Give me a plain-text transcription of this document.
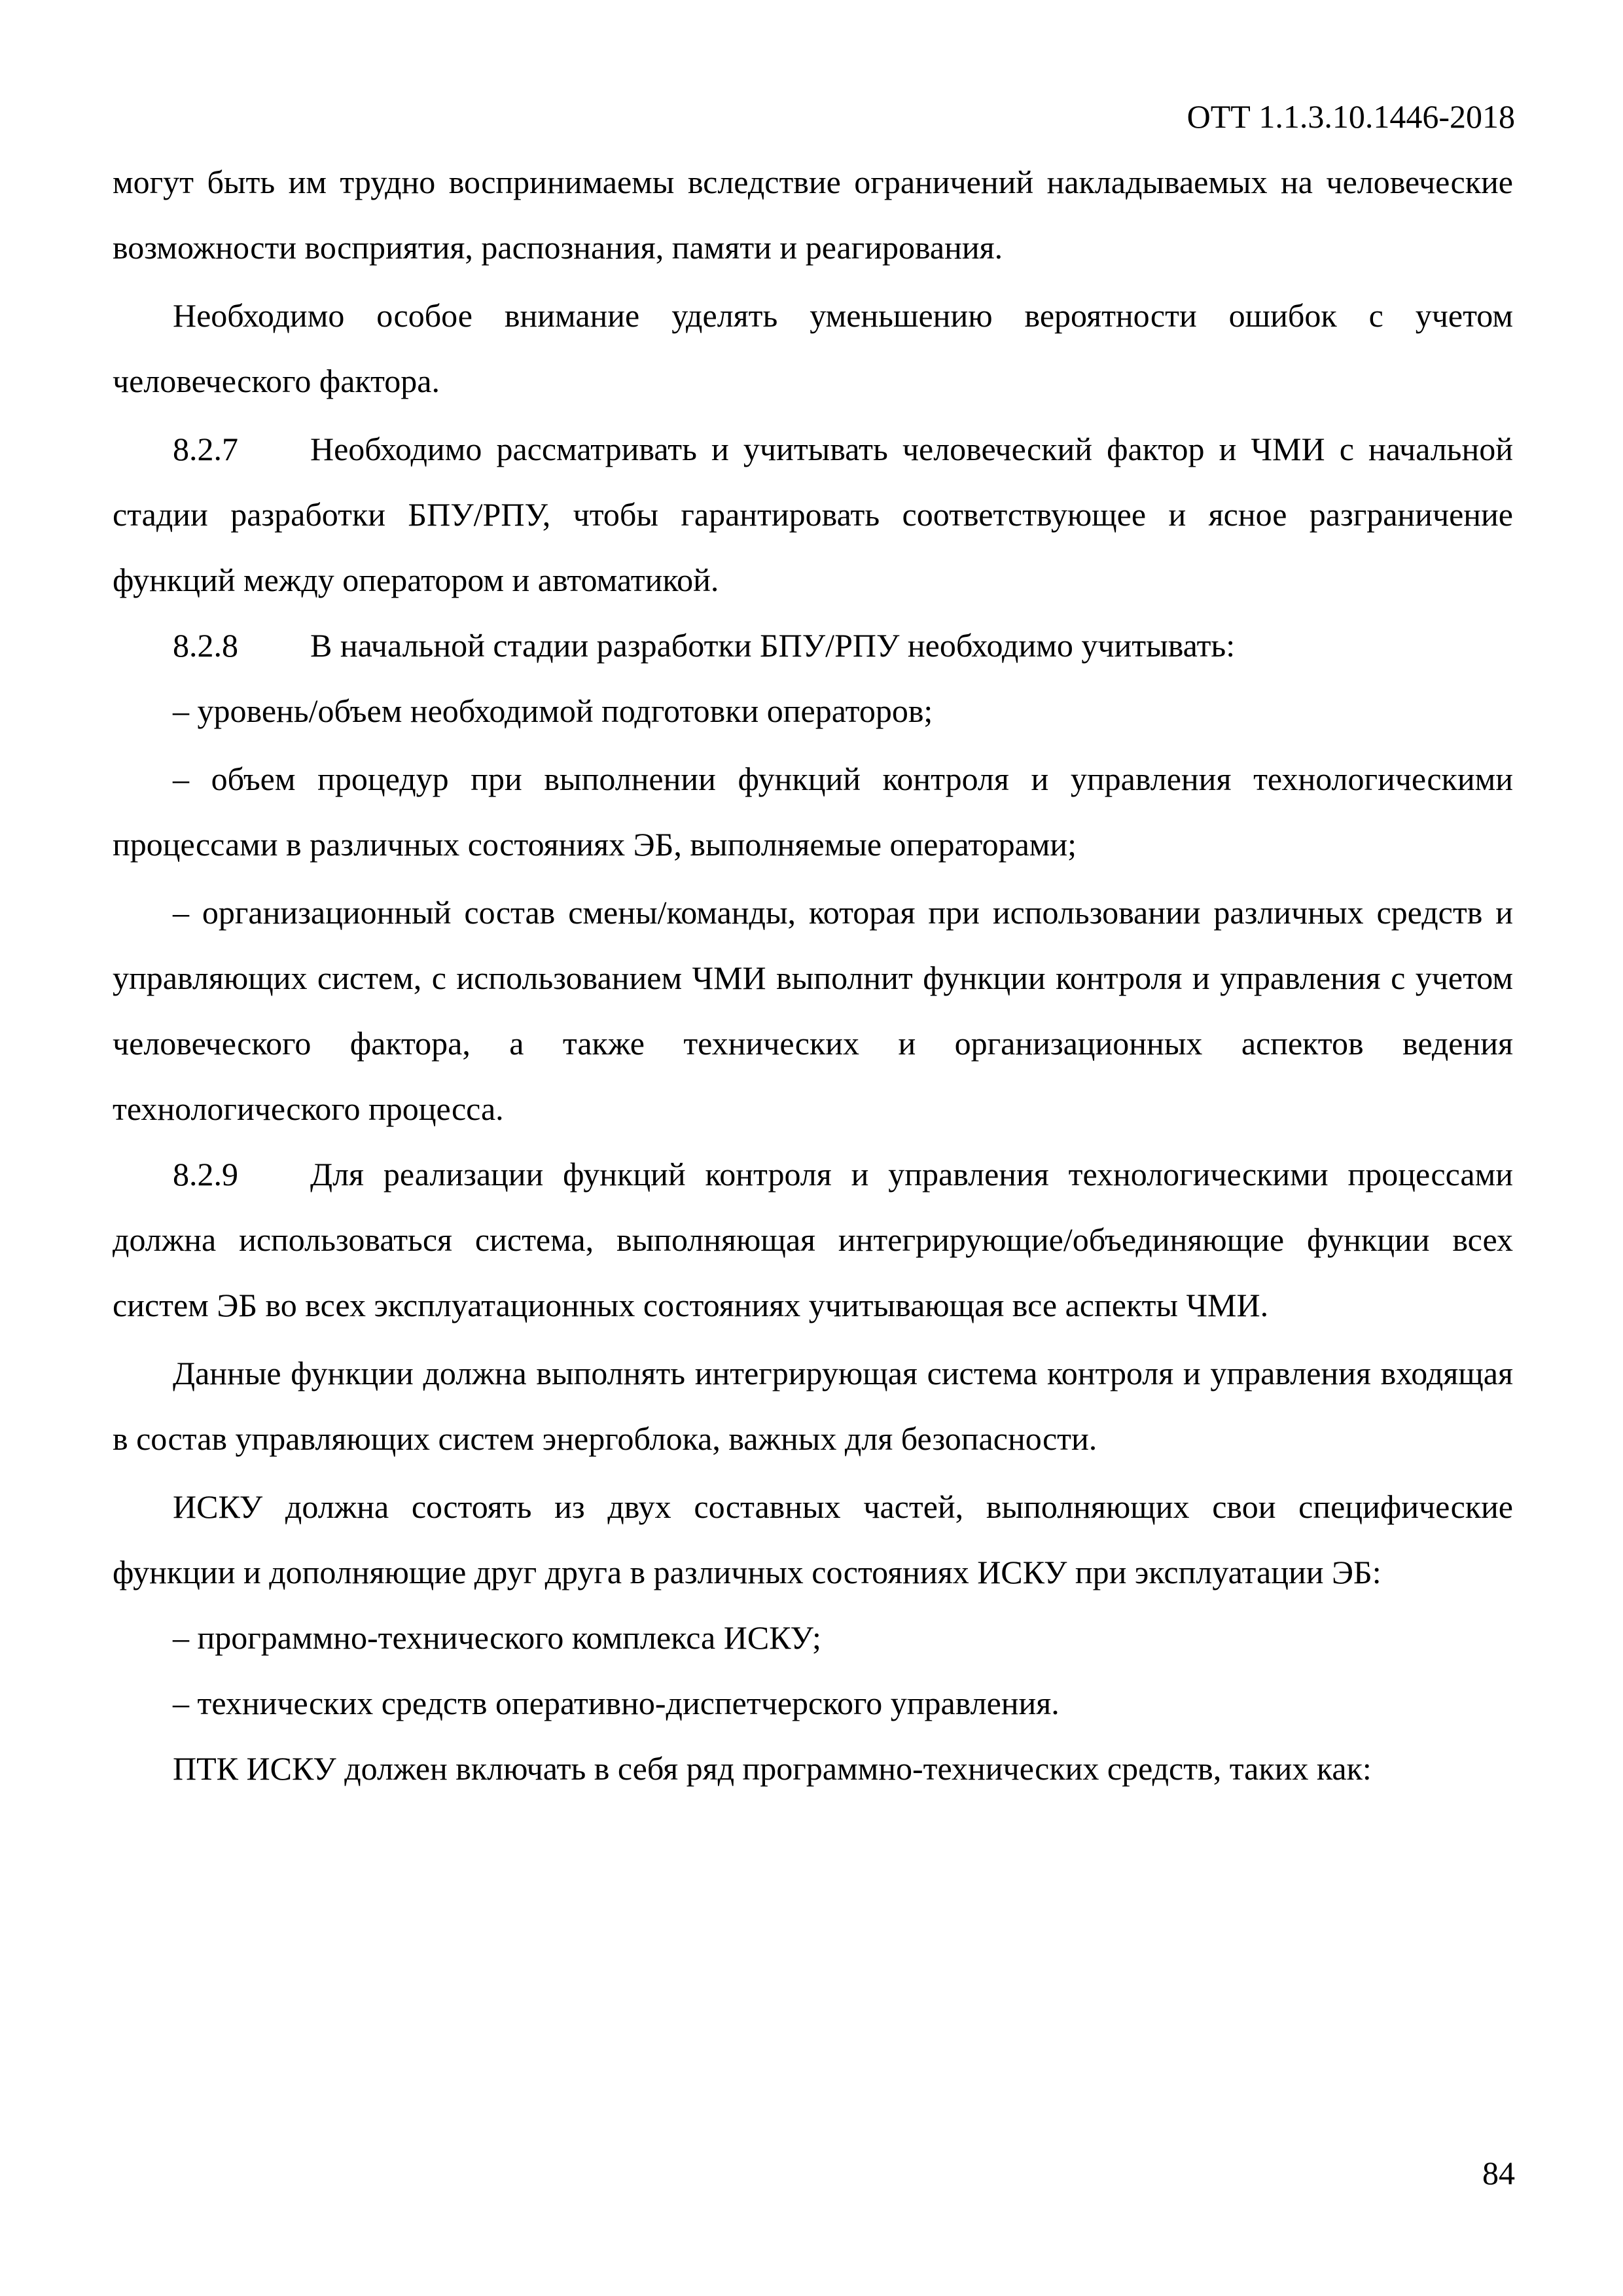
ОТТ 1.1.3.10.1446-2018

могут быть им трудно воспринимаемы вследствие ограничений накладываемых на человеческие возможности восприятия, распознания, памяти и реагирования.

Необходимо особое внимание уделять уменьшению вероятности ошибок с учетом человеческого фактора.

8.2.7 Необходимо рассматривать и учитывать человеческий фактор и ЧМИ с начальной стадии разработки БПУ/РПУ, чтобы гарантировать соответствующее и ясное разграничение функций между оператором и автоматикой.

8.2.8 В начальной стадии разработки БПУ/РПУ необходимо учитывать:

– уровень/объем необходимой подготовки операторов;

– объем процедур при выполнении функций контроля и управления технологическими процессами в различных состояниях ЭБ, выполняемые операторами;

– организационный состав смены/команды, которая при использовании различных средств и управляющих систем, с использованием ЧМИ выполнит функции контроля и управления с учетом человеческого фактора, а также технических и организационных аспектов ведения технологического процесса.

8.2.9 Для реализации функций контроля и управления технологическими процессами должна использоваться система, выполняющая интегрирующие/объединяющие функции всех систем ЭБ во всех эксплуатационных состояниях учитывающая все аспекты ЧМИ.

Данные функции должна выполнять интегрирующая система контроля и управления входящая в состав управляющих систем энергоблока, важных для безопасности.

ИСКУ должна состоять из двух составных частей, выполняющих свои специфические функции и дополняющие друг друга в различных состояниях ИСКУ при эксплуатации ЭБ:

– программно-технического комплекса ИСКУ;

– технических средств оперативно-диспетчерского управления.

ПТК ИСКУ должен включать в себя ряд программно-технических средств, таких как:

84
